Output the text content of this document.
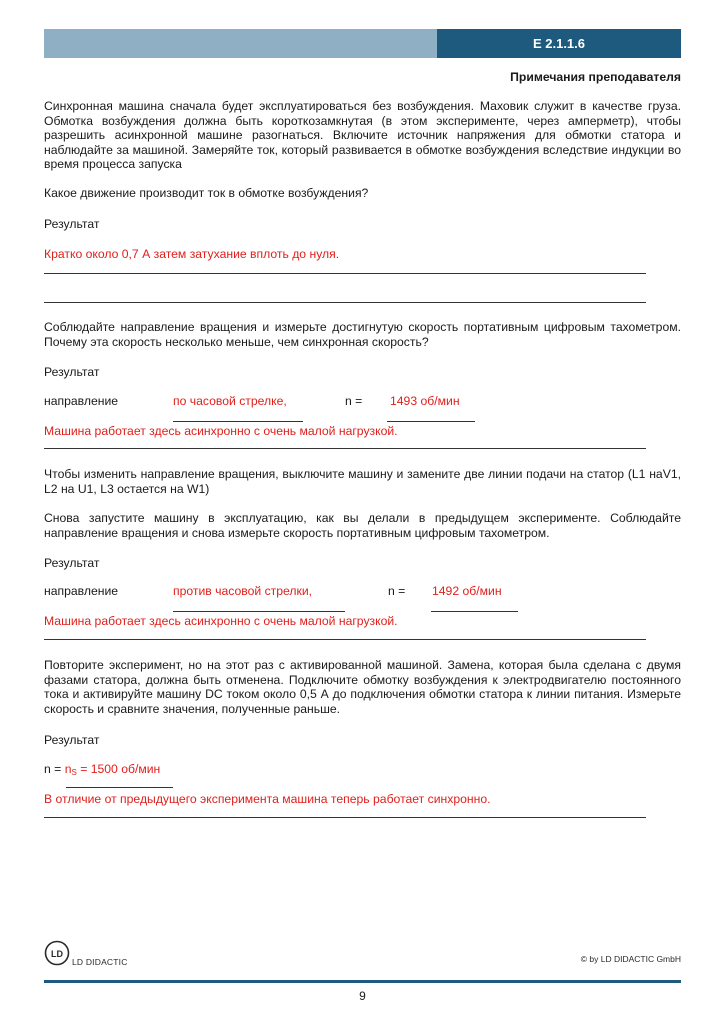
E 2.1.1.6
Примечания преподавателя
Синхронная машина сначала будет эксплуатироваться без возбуждения. Маховик служит в качестве груза. Обмотка возбуждения должна быть короткозамкнутая (в этом эксперименте, через амперметр), чтобы разрешить асинхронной машине разогнаться. Включите источник напряжения для обмотки статора и наблюдайте за машиной. Замеряйте ток, который развивается в обмотке возбуждения вследствие индукции во время процесса запуска
Какое движение производит ток в обмотке возбуждения?
Результат
Кратко около 0,7 А затем затухание вплоть до нуля.
Соблюдайте направление вращения и измерьте достигнутую скорость портативным цифровым тахометром. Почему эта скорость несколько меньше, чем синхронная скорость?
Результат
направление	по часовой стрелке,	n = 1493 об/мин
Машина работает здесь асинхронно с очень малой нагрузкой.
Чтобы изменить направление вращения, выключите машину и замените две линии подачи на статор (L1 наV1, L2 на U1, L3 остается на W1)
Снова запустите машину в эксплуатацию, как вы делали в предыдущем эксперименте. Соблюдайте направление вращения и снова измерьте скорость портативным цифровым тахометром.
Результат
направление	против часовой стрелки,	n = 1492 об/мин
Машина работает здесь асинхронно с очень малой нагрузкой.
Повторите эксперимент, но на этот раз с активированной машиной. Замена, которая была сделана с двумя фазами статора, должна быть отменена. Подключите обмотку возбуждения к электродвигателю постоянного тока и активируйте машину DC током около 0,5 А до подключения обмотки статора к линии питания. Измерьте скорость и сравните значения, полученные раньше.
Результат
$n = n_S = 1500$ об/мин
В отличие от предыдущего эксперимента машина теперь работает синхронно.
LD
LD DIDACTIC	© by LD DIDACTIC GmbH
9
